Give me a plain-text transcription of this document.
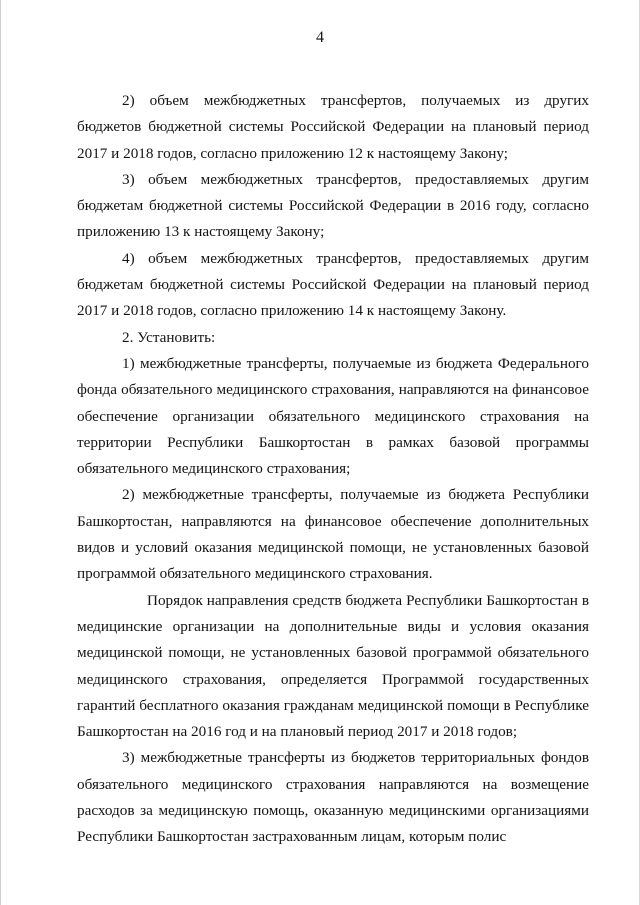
4

2) объем межбюджетных трансфертов, получаемых из других бюджетов бюджетной системы Российской Федерации на плановый период 2017 и 2018 годов, согласно приложению 12 к настоящему Закону;

3) объем межбюджетных трансфертов, предоставляемых другим бюджетам бюджетной системы Российской Федерации в 2016 году, согласно приложению 13 к настоящему Закону;

4) объем межбюджетных трансфертов, предоставляемых другим бюджетам бюджетной системы Российской Федерации на плановый период 2017 и 2018 годов, согласно приложению 14 к настоящему Закону.

2. Установить:

1) межбюджетные трансферты, получаемые из бюджета Федерального фонда обязательного медицинского страхования, направляются на финансовое обеспечение организации обязательного медицинского страхования на территории Республики Башкортостан в рамках базовой программы обязательного медицинского страхования;

2) межбюджетные трансферты, получаемые из бюджета Республики Башкортостан, направляются на финансовое обеспечение дополнительных видов и условий оказания медицинской помощи, не установленных базовой программой обязательного медицинского страхования.

Порядок направления средств бюджета Республики Башкортостан в медицинские организации на дополнительные виды и условия оказания медицинской помощи, не установленных базовой программой обязательного медицинского страхования, определяется Программой государственных гарантий бесплатного оказания гражданам медицинской помощи в Республике Башкортостан на 2016 год и на плановый период 2017 и 2018 годов;

3) межбюджетные трансферты из бюджетов территориальных фондов обязательного медицинского страхования направляются на возмещение расходов за медицинскую помощь, оказанную медицинскими организациями Республики Башкортостан застрахованным лицам, которым полис
